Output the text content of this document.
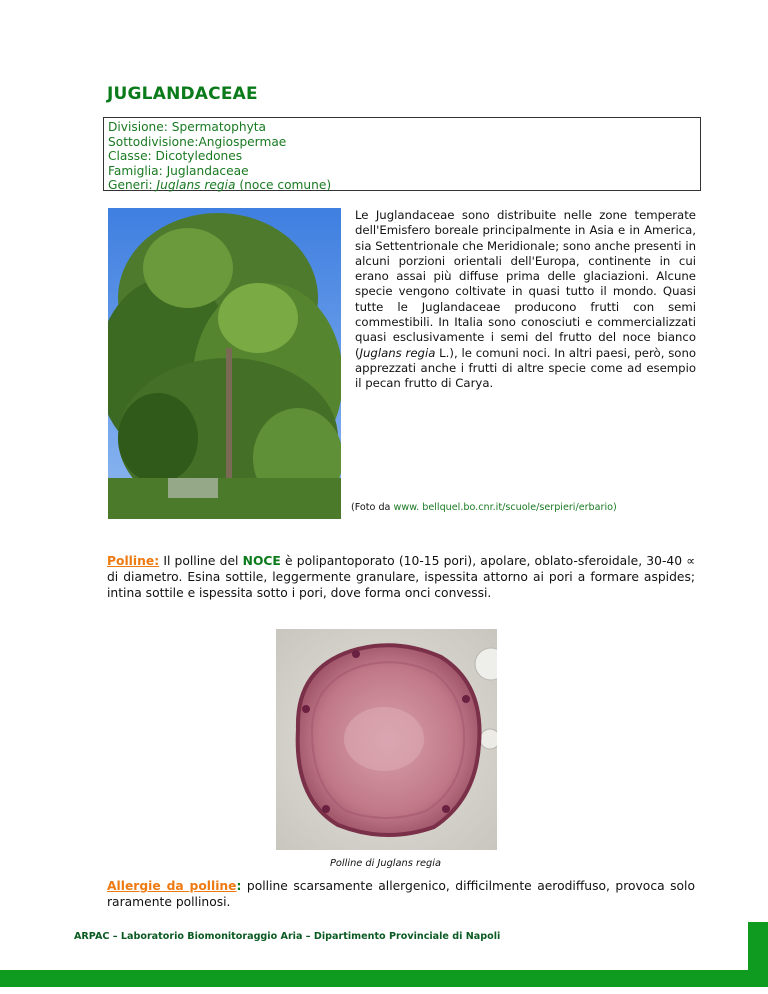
JUGLANDACEAE
Divisione: Spermatophyta
Sottodivisione:Angiospermae
Classe: Dicotyledones
Famiglia: Juglandaceae
Generi: Juglans regia (noce comune)
Le Juglandaceae sono distribuite nelle zone temperate dell'Emisfero boreale principalmente in Asia e in America, sia Settentrionale che Meridionale; sono anche presenti in alcuni porzioni orientali dell'Europa, continente in cui erano assai più diffuse prima delle glaciazioni. Alcune specie vengono coltivate in quasi tutto il mondo. Quasi tutte le Juglandaceae producono frutti con semi commestibili. In Italia sono conosciuti e commercializzati quasi esclusivamente i semi del frutto del noce bianco (Juglans regia L.), le comuni noci. In altri paesi, però, sono apprezzati anche i frutti di altre specie come ad esempio il pecan frutto di Carya.
(Foto da www. bellquel.bo.cnr.it/scuole/serpieri/erbario)
Polline: Il polline del NOCE è polipantoporato (10-15 pori), apolare, oblato-sferoidale, 30-40 ∝ di diametro. Esina sottile, leggermente granulare, ispessita attorno ai pori a formare aspides; intina sottile e ispessita sotto i pori, dove forma onci convessi.
Polline di Juglans regia
Allergie da polline: polline scarsamente allergenico, difficilmente aerodiffuso, provoca solo raramente pollinosi.
ARPAC – Laboratorio Biomonitoraggio Aria – Dipartimento Provinciale di Napoli
